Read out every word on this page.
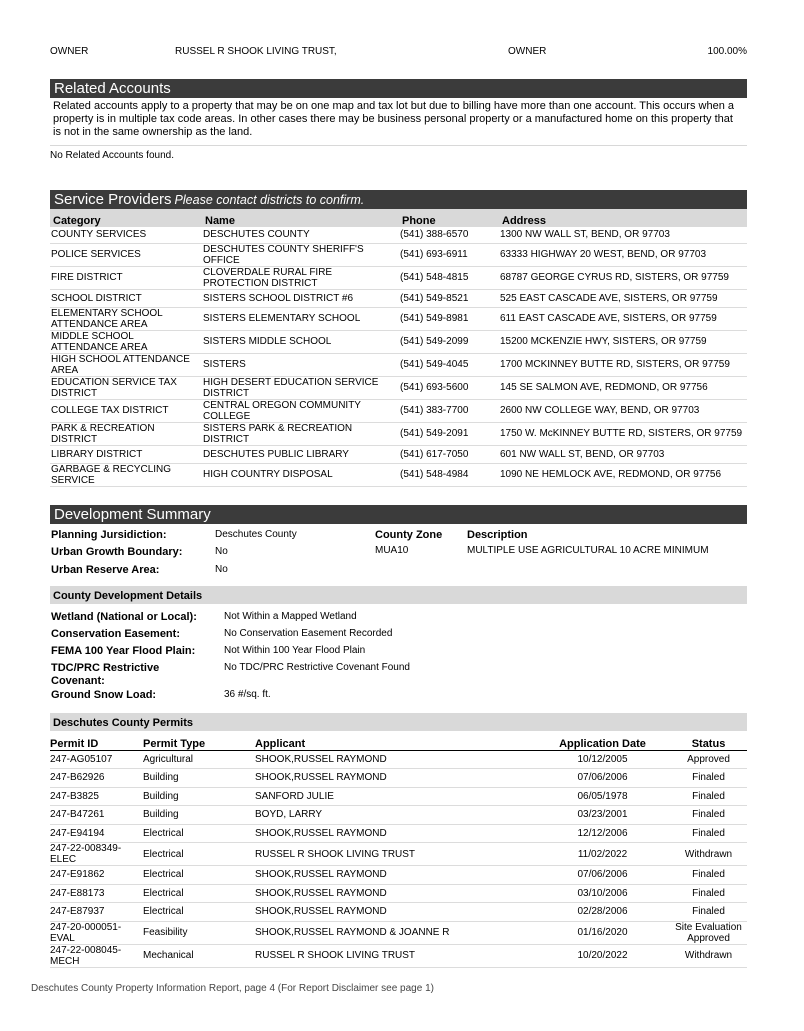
OWNER	RUSSEL R SHOOK LIVING TRUST,	OWNER	100.00%
Related Accounts
Related accounts apply to a property that may be on one map and tax lot but due to billing have more than one account. This occurs when a property is in multiple tax code areas. In other cases there may be business personal property or a manufactured home on this property that is not in the same ownership as the land.
No Related Accounts found.
Service Providers Please contact districts to confirm.
Category	Name	Phone	Address
COUNTY SERVICES	DESCHUTES COUNTY	(541) 388-6570	1300 NW WALL ST, BEND, OR 97703
POLICE SERVICES	DESCHUTES COUNTY SHERIFF'S OFFICE	(541) 693-6911	63333 HIGHWAY 20 WEST, BEND, OR 97703
FIRE DISTRICT	CLOVERDALE RURAL FIRE PROTECTION DISTRICT	(541) 548-4815	68787 GEORGE CYRUS RD, SISTERS, OR 97759
SCHOOL DISTRICT	SISTERS SCHOOL DISTRICT #6	(541) 549-8521	525 EAST CASCADE AVE, SISTERS, OR 97759
ELEMENTARY SCHOOL ATTENDANCE AREA	SISTERS ELEMENTARY SCHOOL	(541) 549-8981	611 EAST CASCADE AVE, SISTERS, OR 97759
MIDDLE SCHOOL ATTENDANCE AREA	SISTERS MIDDLE SCHOOL	(541) 549-2099	15200 MCKENZIE HWY, SISTERS, OR 97759
HIGH SCHOOL ATTENDANCE AREA	SISTERS	(541) 549-4045	1700 MCKINNEY BUTTE RD, SISTERS, OR 97759
EDUCATION SERVICE TAX DISTRICT	HIGH DESERT EDUCATION SERVICE DISTRICT	(541) 693-5600	145 SE SALMON AVE, REDMOND, OR 97756
COLLEGE TAX DISTRICT	CENTRAL OREGON COMMUNITY COLLEGE	(541) 383-7700	2600 NW COLLEGE WAY, BEND, OR 97703
PARK & RECREATION DISTRICT	SISTERS PARK & RECREATION DISTRICT	(541) 549-2091	1750 W. McKINNEY BUTTE RD, SISTERS, OR 97759
LIBRARY DISTRICT	DESCHUTES PUBLIC LIBRARY	(541) 617-7050	601 NW WALL ST, BEND, OR 97703
GARBAGE & RECYCLING SERVICE	HIGH COUNTRY DISPOSAL	(541) 548-4984	1090 NE HEMLOCK AVE, REDMOND, OR 97756
Development Summary
Planning Jursidiction:	Deschutes County
Urban Growth Boundary:	No
Urban Reserve Area:	No
County Zone Description
MUA10	MULTIPLE USE AGRICULTURAL 10 ACRE MINIMUM
County Development Details
Wetland (National or Local):	Not Within a Mapped Wetland
Conservation Easement:	No Conservation Easement Recorded
FEMA 100 Year Flood Plain:	Not Within 100 Year Flood Plain
TDC/PRC Restrictive Covenant:
No TDC/PRC Restrictive Covenant Found
Ground Snow Load:	36 #/sq. ft.
Deschutes County Permits
Permit ID	Permit Type	Applicant	Application Date	Status
247-AG05107	Agricultural	SHOOK,RUSSEL RAYMOND	10/12/2005	Approved
247-B62926	Building	SHOOK,RUSSEL RAYMOND	07/06/2006	Finaled
247-B3825	Building	SANFORD JULIE	06/05/1978	Finaled
247-B47261	Building	BOYD, LARRY	03/23/2001	Finaled
247-E94194	Electrical	SHOOK,RUSSEL RAYMOND	12/12/2006	Finaled
247-22-008349-ELEC	Electrical	RUSSEL R SHOOK LIVING TRUST	11/02/2022	Withdrawn
247-E91862	Electrical	SHOOK,RUSSEL RAYMOND	07/06/2006	Finaled
247-E88173	Electrical	SHOOK,RUSSEL RAYMOND	03/10/2006	Finaled
247-E87937	Electrical	SHOOK,RUSSEL RAYMOND	02/28/2006	Finaled
247-20-000051-EVAL	Feasibility	SHOOK,RUSSEL RAYMOND & JOANNE R	01/16/2020	Site Evaluation Approved
247-22-008045-MECH	Mechanical	RUSSEL R SHOOK LIVING TRUST	10/20/2022	Withdrawn
Deschutes County Property Information Report, page 4 (For Report Disclaimer see page 1)
